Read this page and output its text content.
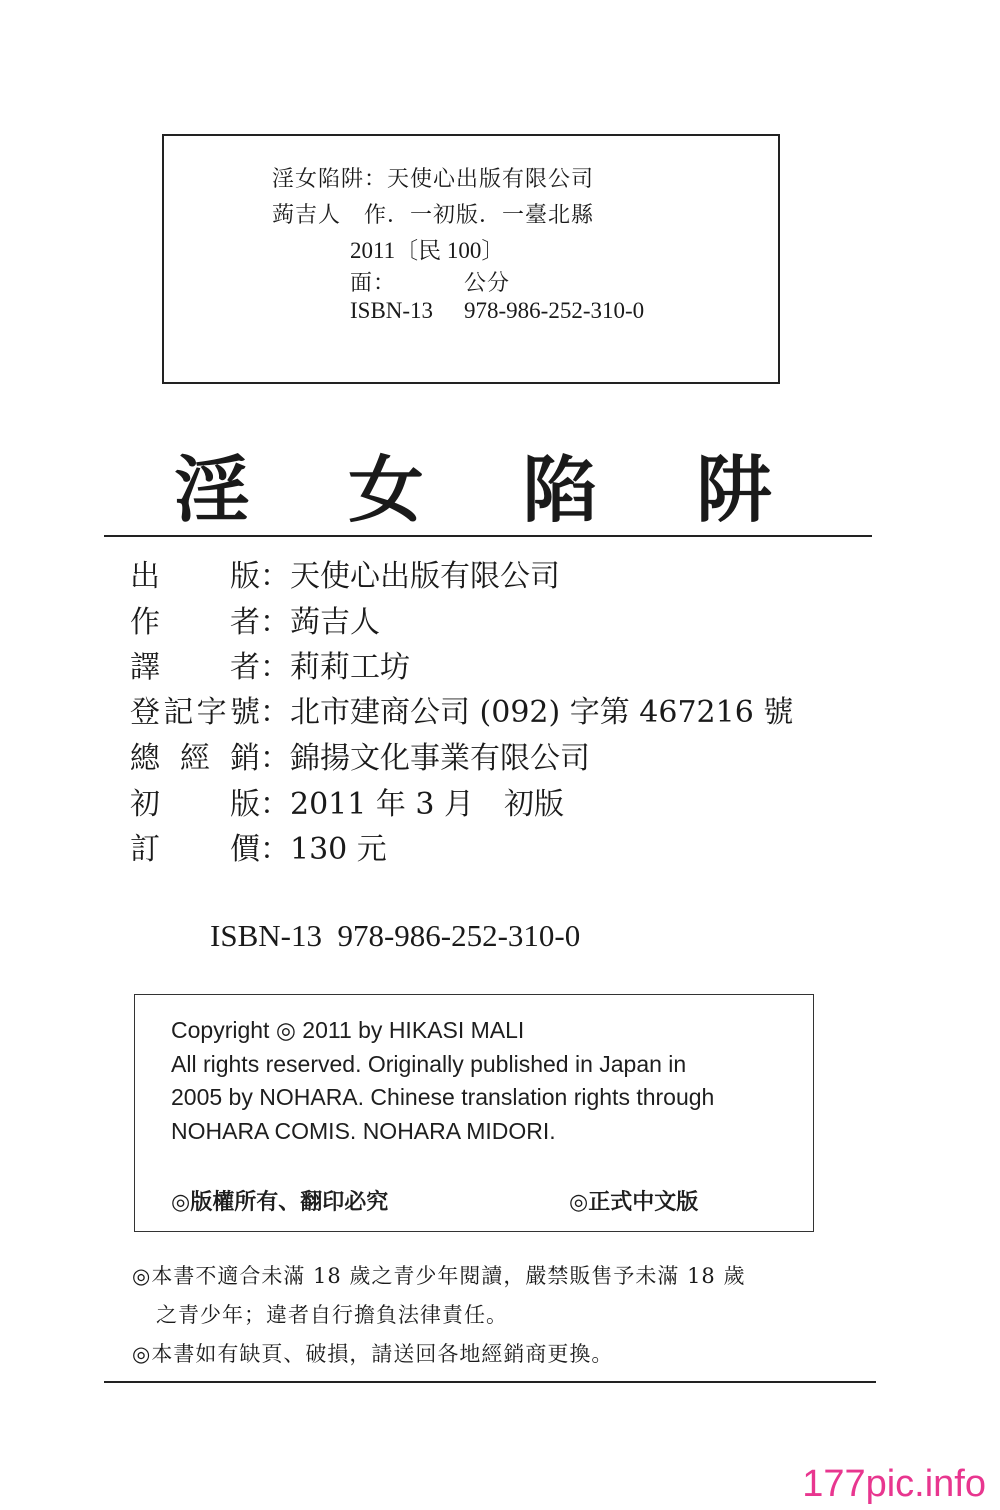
淫女陷阱：天使心出版有限公司
蒟吉人　作．一初版．一臺北縣
2011〔民 100〕
面：	公分
ISBN-13 978-986-252-310-0
淫 女 陷 阱
出　版：天使心出版有限公司
作　者：蒟吉人
譯　者：莉莉工坊
登記字號：北市建商公司 (092) 字第 467216 號
總 經 銷：錦揚文化事業有限公司
初　版：2011 年 3 月　初版
訂　價：130 元
ISBN-13  978-986-252-310-0
Copyright ◎ 2011 by HIKASI MALI
All rights reserved. Originally published in Japan in
2005 by NOHARA. Chinese translation rights through
NOHARA COMIS. NOHARA MIDORI.
◎版權所有、翻印必究	◎正式中文版
◎本書不適合未滿 18 歲之青少年閱讀，嚴禁販售予未滿 18 歲
之青少年；違者自行擔負法律責任。
◎本書如有缺頁、破損，請送回各地經銷商更換。
177pic.info
